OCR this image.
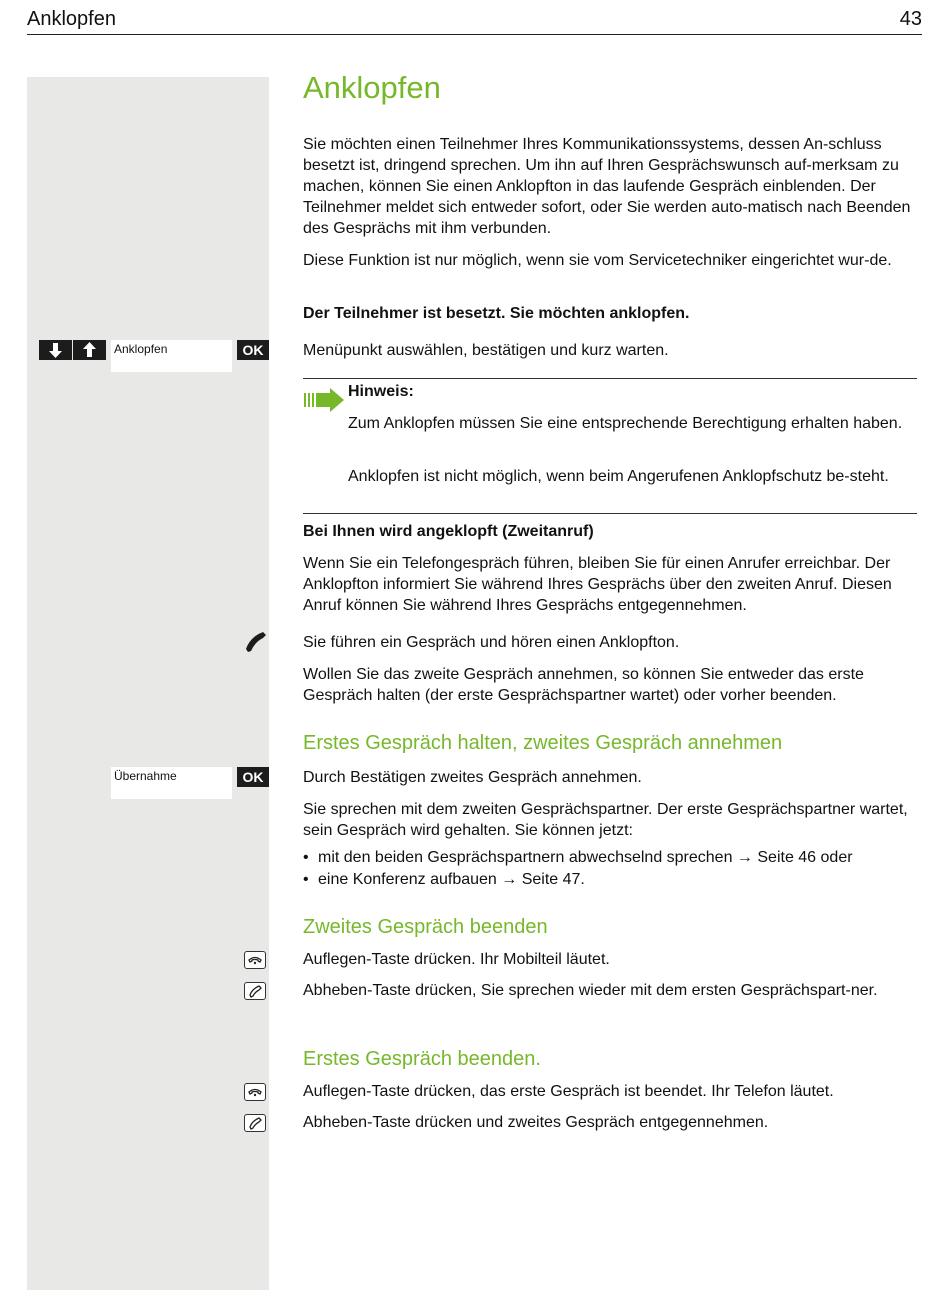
Anklopfen	43
Anklopfen	OK
Übernahme	OK
Anklopfen
Sie möchten einen Teilnehmer Ihres Kommunikationssystems, dessen An-schluss besetzt ist, dringend sprechen. Um ihn auf Ihren Gesprächswunsch auf-merksam zu machen, können Sie einen Anklopfton in das laufende Gespräch einblenden. Der Teilnehmer meldet sich entweder sofort, oder Sie werden auto-matisch nach Beenden des Gesprächs mit ihm verbunden.
Diese Funktion ist nur möglich, wenn sie vom Servicetechniker eingerichtet wur-de.
Der Teilnehmer ist besetzt. Sie möchten anklopfen.
Menüpunkt auswählen, bestätigen und kurz warten.
Hinweis:
Zum Anklopfen müssen Sie eine entsprechende Berechtigung erhalten haben.
Anklopfen ist nicht möglich, wenn beim Angerufenen Anklopfschutz be-steht.
Bei Ihnen wird angeklopft (Zweitanruf)
Wenn Sie ein Telefongespräch führen, bleiben Sie für einen Anrufer erreichbar. Der Anklopfton informiert Sie während Ihres Gesprächs über den zweiten Anruf. Diesen Anruf können Sie während Ihres Gesprächs entgegennehmen.
Sie führen ein Gespräch und hören einen Anklopfton.
Wollen Sie das zweite Gespräch annehmen, so können Sie entweder das erste Gespräch halten (der erste Gesprächspartner wartet) oder vorher beenden.
Erstes Gespräch halten, zweites Gespräch annehmen
Durch Bestätigen zweites Gespräch annehmen.
Sie sprechen mit dem zweiten Gesprächspartner. Der erste Gesprächspartner wartet, sein Gespräch wird gehalten. Sie können jetzt:
• mit den beiden Gesprächspartnern abwechselnd sprechen → Seite 46 oder
• eine Konferenz aufbauen → Seite 47.
Zweites Gespräch beenden
Auflegen-Taste drücken. Ihr Mobilteil läutet.
Abheben-Taste drücken, Sie sprechen wieder mit dem ersten Gesprächspart-ner.
Erstes Gespräch beenden.
Auflegen-Taste drücken, das erste Gespräch ist beendet. Ihr Telefon läutet.
Abheben-Taste drücken und zweites Gespräch entgegennehmen.
